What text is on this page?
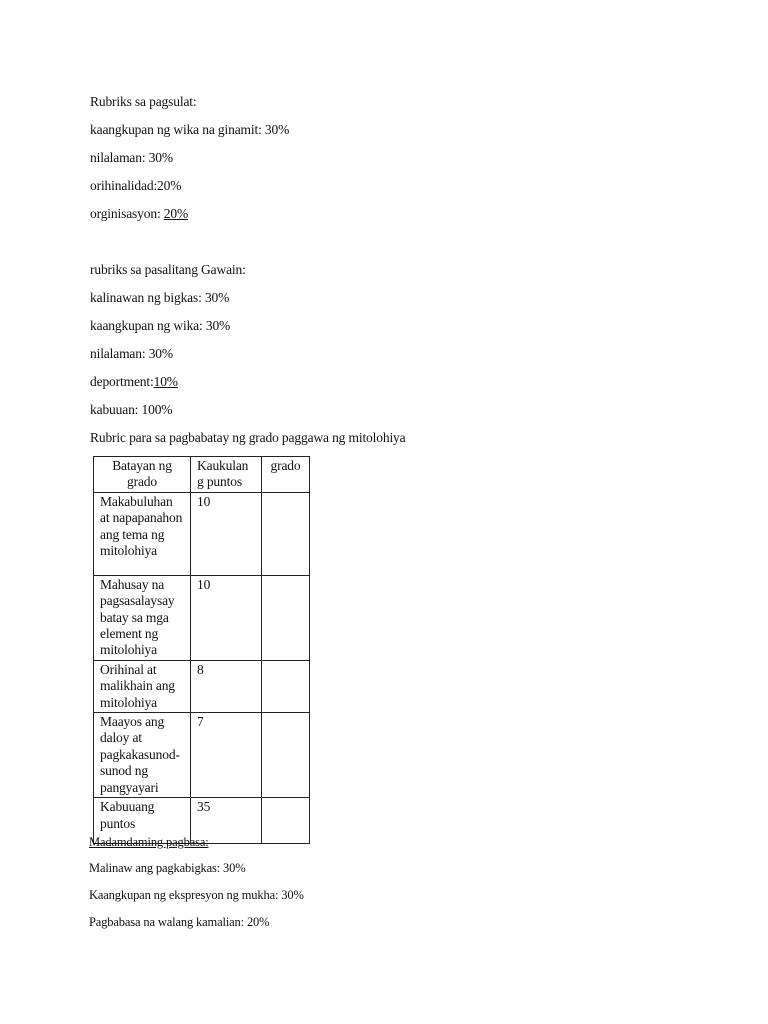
Rubriks sa pagsulat:
kaangkupan ng wika na ginamit: 30%
nilalaman: 30%
orihinalidad:20%
orginisasyon: 20%
rubriks sa pasalitang Gawain:
kalinawan ng bigkas: 30%
kaangkupan ng wika: 30%
nilalaman: 30%
deportment:10%
kabuuan: 100%
Rubric para sa pagbabatay ng grado paggawa ng mitolohiya
Batayan ng grado	Kaukulan g puntos	grado
Makabuluhan at napapanahon ang tema ng mitolohiya	10	
Mahusay na pagsasalaysay batay sa mga element ng mitolohiya	10	
Orihinal at malikhain ang mitolohiya	8	
Maayos ang daloy at pagkakasunod-sunod ng pangyayari	7	
Kabuuang puntos	35	
Madamdaming pagbasa:
Malinaw ang pagkabigkas: 30%
Kaangkupan ng ekspresyon ng mukha: 30%
Pagbabasa na walang kamalian: 20%
